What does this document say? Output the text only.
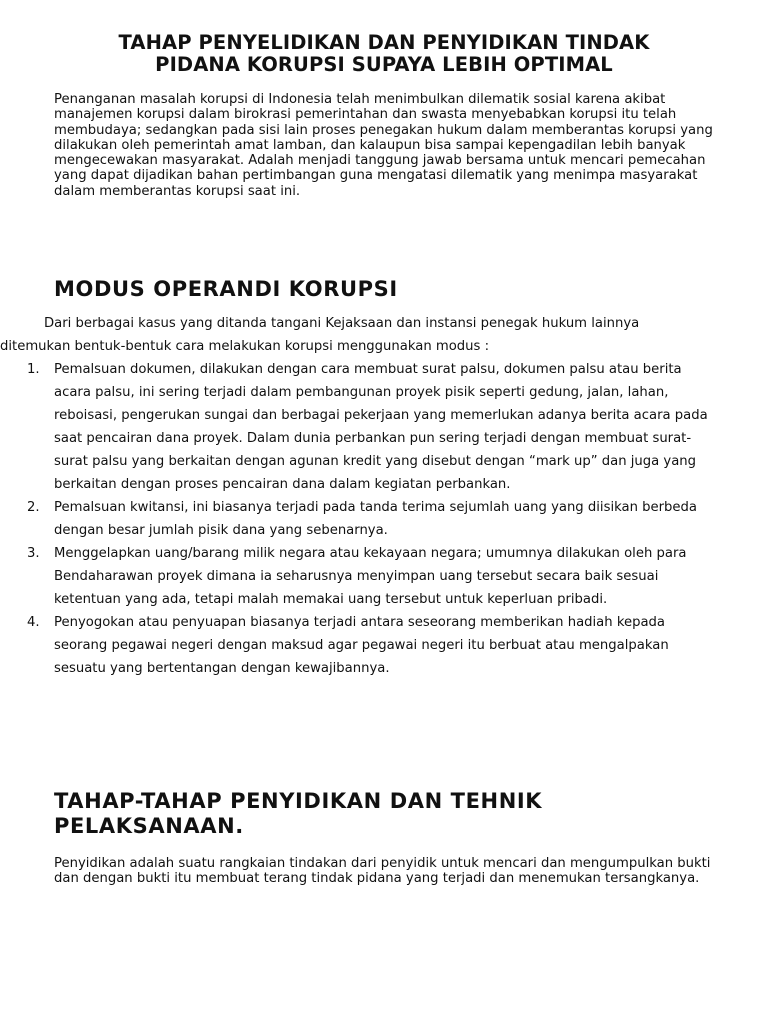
TAHAP PENYELIDIKAN DAN PENYIDIKAN TINDAK
PIDANA KORUPSI SUPAYA LEBIH OPTIMAL

Penanganan masalah korupsi di Indonesia telah menimbulkan dilematik sosial karena akibat manajemen korupsi dalam birokrasi pemerintahan dan swasta menyebabkan korupsi itu telah membudaya; sedangkan pada sisi lain proses penegakan hukum dalam memberantas korupsi yang dilakukan oleh pemerintah amat lamban, dan kalaupun bisa sampai kepengadilan lebih banyak mengecewakan masyarakat. Adalah menjadi tanggung jawab bersama untuk mencari pemecahan yang dapat dijadikan bahan pertimbangan guna mengatasi dilematik yang menimpa masyarakat dalam memberantas korupsi saat ini.

MODUS OPERANDI KORUPSI

Dari berbagai kasus yang ditanda tangani Kejaksaan dan instansi penegak hukum lainnya ditemukan bentuk-bentuk cara melakukan korupsi menggunakan modus :

1.	Pemalsuan dokumen, dilakukan dengan cara membuat surat palsu, dokumen palsu atau berita acara palsu, ini sering terjadi dalam pembangunan proyek pisik seperti gedung, jalan, lahan, reboisasi, pengerukan sungai dan berbagai pekerjaan yang memerlukan adanya berita acara pada saat pencairan dana proyek. Dalam dunia perbankan pun sering terjadi dengan membuat surat-surat palsu yang berkaitan dengan agunan kredit yang disebut dengan “mark up” dan juga yang berkaitan dengan proses pencairan dana dalam kegiatan perbankan.
2.	Pemalsuan kwitansi, ini biasanya terjadi pada tanda terima sejumlah uang yang diisikan berbeda dengan besar jumlah pisik dana yang sebenarnya.
3.	Menggelapkan uang/barang milik negara atau kekayaan negara; umumnya dilakukan oleh para Bendaharawan proyek dimana ia seharusnya menyimpan uang tersebut secara baik sesuai ketentuan yang ada, tetapi malah memakai uang tersebut untuk keperluan pribadi.
4.	Penyogokan atau penyuapan biasanya terjadi antara seseorang memberikan hadiah kepada seorang pegawai negeri dengan maksud agar pegawai negeri itu berbuat atau mengalpakan sesuatu yang bertentangan dengan kewajibannya.
TAHAP-TAHAP PENYIDIKAN DAN TEHNIK PELAKSANAAN.

Penyidikan adalah suatu rangkaian tindakan dari penyidik untuk mencari dan mengumpulkan bukti dan dengan bukti itu membuat terang tindak pidana yang terjadi dan menemukan tersangkanya.
